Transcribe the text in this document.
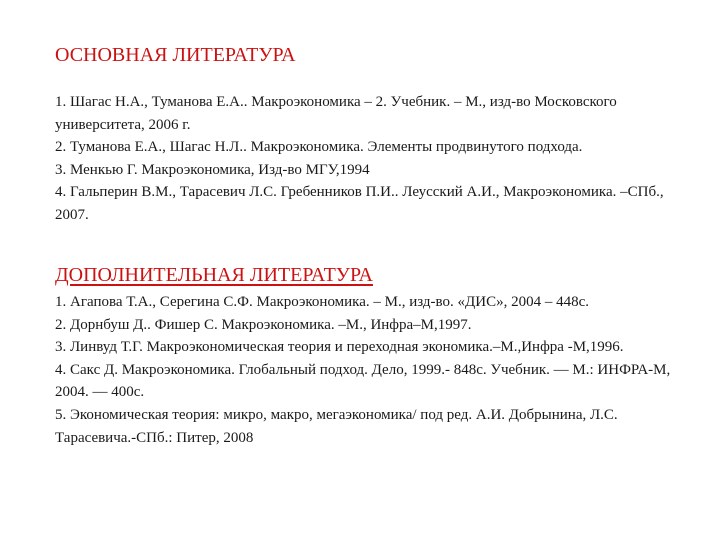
ОСНОВНАЯ ЛИТЕРАТУРА
1. Шагас Н.А., Туманова Е.А.. Макроэкономика – 2. Учебник. – М., изд-во Московского университета, 2006 г.
2. Туманова Е.А., Шагас Н.Л.. Макроэкономика. Элементы продвинутого подхода.
3. Менкью Г. Макроэкономика, Изд-во МГУ,1994
4. Гальперин В.М., Тарасевич Л.С. Гребенников П.И.. Леусский А.И., Макроэкономика. –СПб., 2007.
ДОПОЛНИТЕЛЬНАЯ ЛИТЕРАТУРА
1. Агапова Т.А., Серегина С.Ф. Макроэкономика. – М., изд-во. «ДИС», 2004 – 448с.
2. Дорнбуш Д.. Фишер С. Макроэкономика. –М., Инфра–М,1997.
3. Линвуд Т.Г. Макроэкономическая теория и переходная экономика.–М.,Инфра -М,1996.
4. Сакс Д. Макроэкономика. Глобальный подход. Дело, 1999.- 848с. Учебник. — М.: ИНФРА-М, 2004. — 400с.
5. Экономическая теория: микро, макро, мегаэкономика/ под ред. А.И. Добрынина, Л.С. Тарасевича.-СПб.: Питер, 2008
